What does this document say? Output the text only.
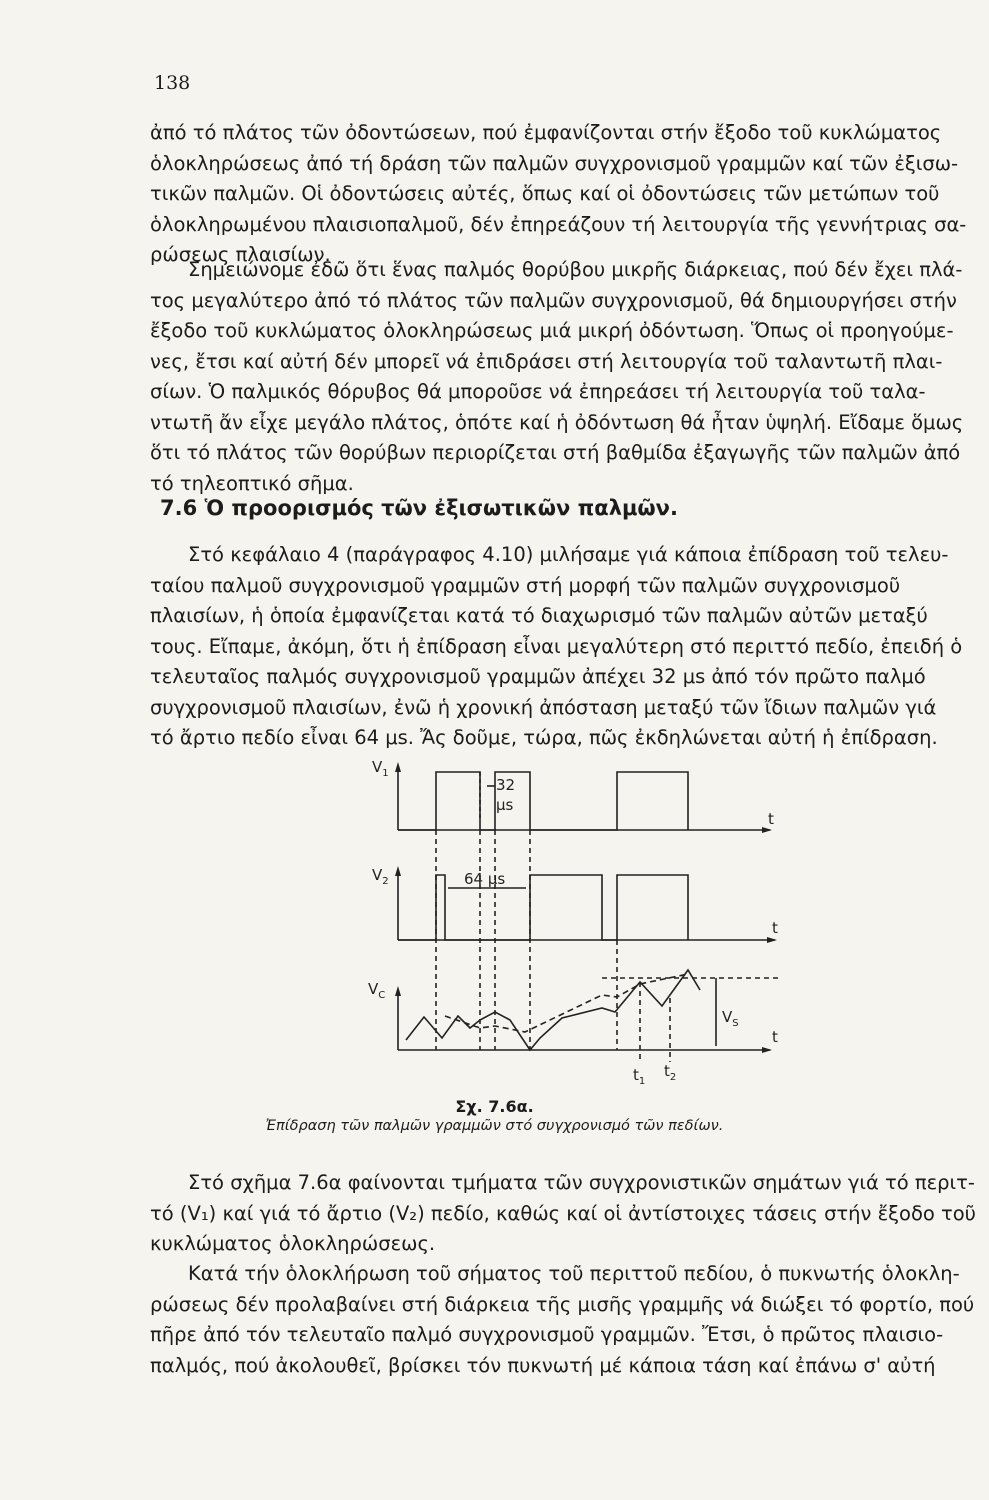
138
ἀπό τό πλάτος τῶν ὀδοντώσεων, πού ἐμφανίζονται στήν ἔξοδο τοῦ κυκλώματος
ὁλοκληρώσεως ἀπό τή δράση τῶν παλμῶν συγχρονισμοῦ γραμμῶν καί τῶν ἐξισω-
τικῶν παλμῶν. Οἱ ὀδοντώσεις αὐτές, ὅπως καί οἱ ὀδοντώσεις τῶν μετώπων τοῦ
ὁλοκληρωμένου πλαισιοπαλμοῦ, δέν ἐπηρεάζουν τή λειτουργία τῆς γεννήτριας σα-
ρώσεως πλαισίων.
Σημειώνομε ἐδῶ ὅτι ἕνας παλμός θορύβου μικρῆς διάρκειας, πού δέν ἔχει πλά-
τος μεγαλύτερο ἀπό τό πλάτος τῶν παλμῶν συγχρονισμοῦ, θά δημιουργήσει στήν
ἔξοδο τοῦ κυκλώματος ὁλοκληρώσεως μιά μικρή ὀδόντωση. Ὅπως οἱ προηγούμε-
νες, ἔτσι καί αὐτή δέν μπορεῖ νά ἐπιδράσει στή λειτουργία τοῦ ταλαντωτῆ πλαι-
σίων. Ὁ παλμικός θόρυβος θά μποροῦσε νά ἐπηρεάσει τή λειτουργία τοῦ ταλα-
ντωτῆ ἄν εἶχε μεγάλο πλάτος, ὁπότε καί ἡ ὀδόντωση θά ἦταν ὑψηλή. Εἴδαμε ὅμως
ὅτι τό πλάτος τῶν θορύβων περιορίζεται στή βαθμίδα ἐξαγωγῆς τῶν παλμῶν ἀπό
τό τηλεοπτικό σῆμα.
7.6 Ὁ προορισμός τῶν ἐξισωτικῶν παλμῶν.
Στό κεφάλαιο 4 (παράγραφος 4.10) μιλήσαμε γιά κάποια ἐπίδραση τοῦ τελευ-
ταίου παλμοῦ συγχρονισμοῦ γραμμῶν στή μορφή τῶν παλμῶν συγχρονισμοῦ
πλαισίων, ἡ ὁποία ἐμφανίζεται κατά τό διαχωρισμό τῶν παλμῶν αὐτῶν μεταξύ
τους. Εἴπαμε, ἀκόμη, ὅτι ἡ ἐπίδραση εἶναι μεγαλύτερη στό περιττό πεδίο, ἐπειδή ὁ
τελευταῖος παλμός συγχρονισμοῦ γραμμῶν ἀπέχει 32 μs ἀπό τόν πρῶτο παλμό
συγχρονισμοῦ πλαισίων, ἐνῶ ἡ χρονική ἀπόσταση μεταξύ τῶν ἴδιων παλμῶν γιά
τό ἄρτιο πεδίο εἶναι 64 μs. Ἄς δοῦμε, τώρα, πῶς ἐκδηλώνεται αὐτή ἡ ἐπίδραση.
$V_1$
$V_2$
$V_C$
$V_S$
t
t
t
$t_1$
$t_2$
32
μs
64 μs
Σχ. 7.6α.
Ἐπίδραση τῶν παλμῶν γραμμῶν στό συγχρονισμό τῶν πεδίων.
Στό σχῆμα 7.6α φαίνονται τμήματα τῶν συγχρονιστικῶν σημάτων γιά τό περιτ-
τό (V₁) καί γιά τό ἄρτιο (V₂) πεδίο, καθώς καί οἱ ἀντίστοιχες τάσεις στήν ἔξοδο τοῦ
κυκλώματος ὁλοκληρώσεως.
Κατά τήν ὁλοκλήρωση τοῦ σήματος τοῦ περιττοῦ πεδίου, ὁ πυκνωτής ὁλοκλη-
ρώσεως δέν προλαβαίνει στή διάρκεια τῆς μισῆς γραμμῆς νά διώξει τό φορτίο, πού
πῆρε ἀπό τόν τελευταῖο παλμό συγχρονισμοῦ γραμμῶν. Ἔτσι, ὁ πρῶτος πλαισιο-
παλμός, πού ἀκολουθεῖ, βρίσκει τόν πυκνωτή μέ κάποια τάση καί ἐπάνω σ' αὐτή
